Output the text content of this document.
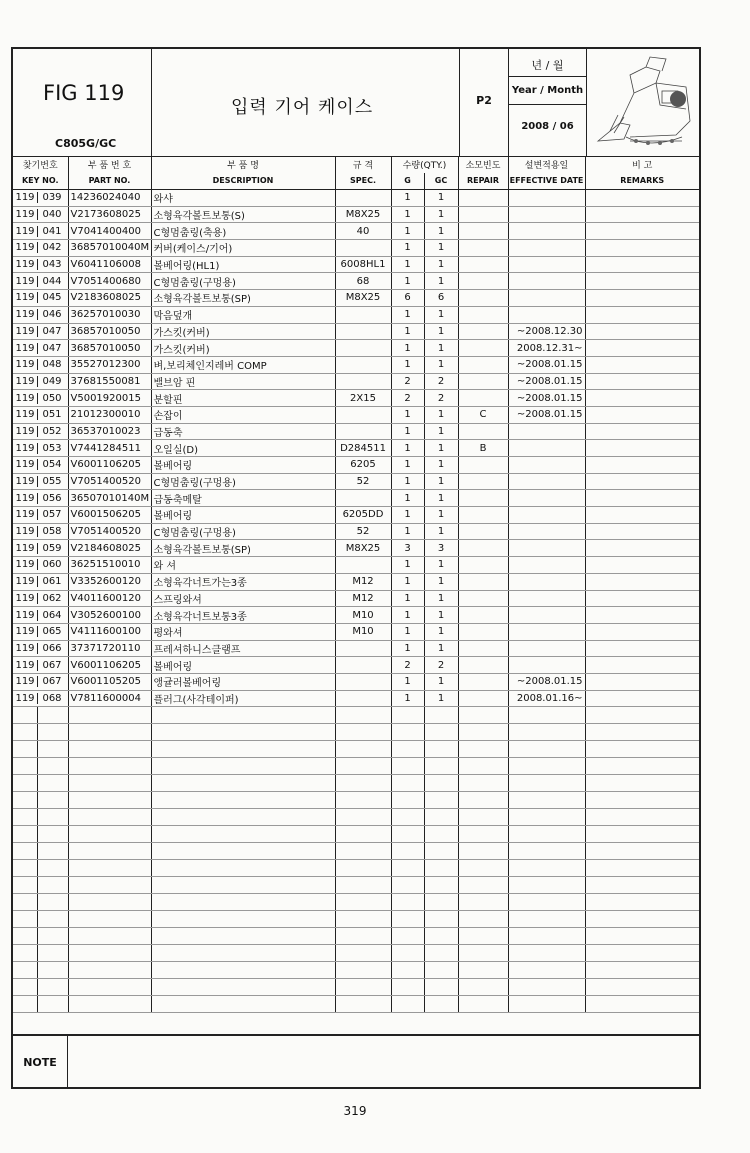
FIG 119
C805G/GC
입력 기어 케이스	P2
년 / 월
Year / Month
2008 / 06
찾기번호	부 품 번 호	부 품 명	규 격	수량(QTY.)		소모빈도	설변적용일	비 고
KEY NO.	PART NO.	DESCRIPTION	SPEC.	G	GC	REPAIR	EFFECTIVE DATE	REMARKS
119 039	14236024040	와샤		1	1			
119 040	V2173608025	소형육각볼트보통(S)	M8X25	1	1			
119 041	V7041400400	C형멈춤링(축용)	40	1	1			
119 042	36857010040M	커버(케이스/기어)		1	1			
119 043	V6041106008	볼베어링(HL1)	6008HL1	1	1			
119 044	V7051400680	C형멈춤링(구멍용)	68	1	1			
119 045	V2183608025	소형육각볼트보통(SP)	M8X25	6	6			
119 046	36257010030	막음덮개		1	1			
119 047	36857010050	가스킷(커버)		1	1		~2008.12.30	
119 047	36857010050	가스킷(커버)		1	1		2008.12.31~	
119 048	35527012300	벼,보리체인지레버 COMP		1	1		~2008.01.15	
119 049	37681550081	밸브암 핀		2	2		~2008.01.15	
119 050	V5001920015	분할핀	2X15	2	2		~2008.01.15	
119 051	21012300010	손잡이		1	1	C	~2008.01.15	
119 052	36537010023	급동축		1	1			
119 053	V7441284511	오일실(D)	D284511	1	1	B		
119 054	V6001106205	볼베어링	6205	1	1			
119 055	V7051400520	C형멈춤링(구멍용)	52	1	1			
119 056	36507010140M	급동축메탈		1	1			
119 057	V6001506205	볼베어링	6205DD	1	1			
119 058	V7051400520	C형멈춤링(구멍용)	52	1	1			
119 059	V2184608025	소형육각볼트보통(SP)	M8X25	3	3			
119 060	36251510010	와 셔		1	1			
119 061	V3352600120	소형육각너트가는3종	M12	1	1			
119 062	V4011600120	스프링와셔	M12	1	1			
119 064	V3052600100	소형육각너트보통3종	M10	1	1			
119 065	V4111600100	평와셔	M10	1	1			
119 066	37371720110	프레셔하니스클램프		1	1			
119 067	V6001106205	볼베어링		2	2			
119 067	V6001105205	앵귤러볼베어링		1	1		~2008.01.15	
119 068	V7811600004	플러그(사각테이퍼)		1	1		2008.01.16~	

NOTE
319
